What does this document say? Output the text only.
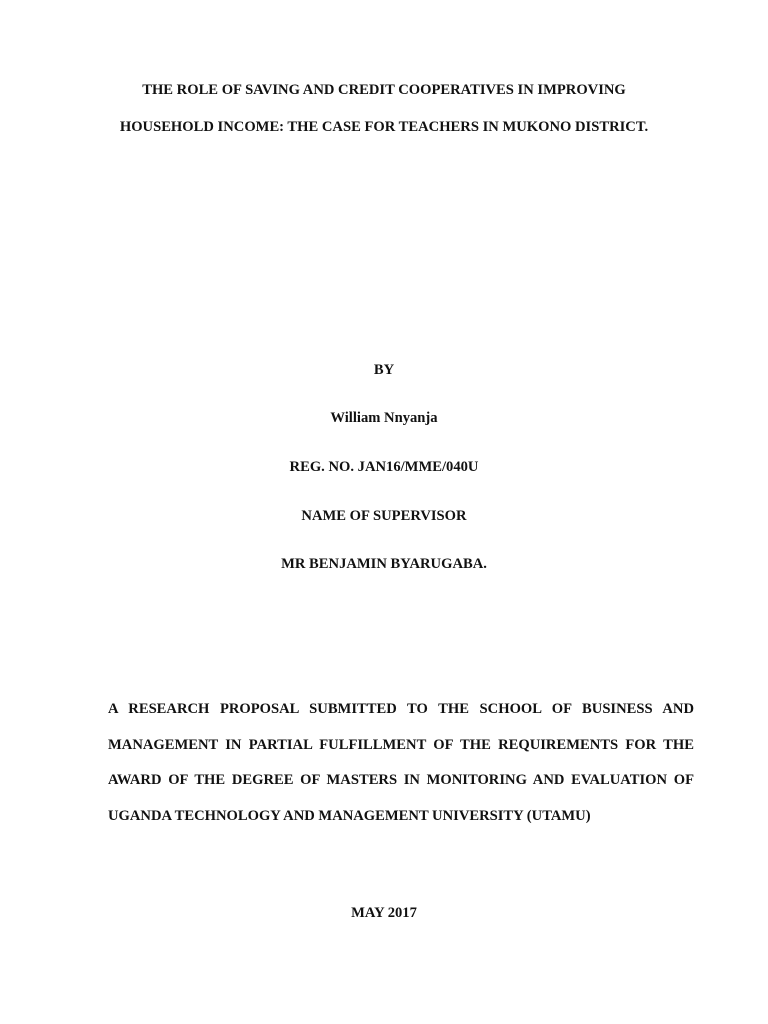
THE ROLE OF SAVING AND CREDIT COOPERATIVES IN IMPROVING
HOUSEHOLD INCOME: THE CASE FOR TEACHERS IN MUKONO DISTRICT.
BY
William Nnyanja
REG. NO. JAN16/MME/040U
NAME OF SUPERVISOR
MR BENJAMIN BYARUGABA.
A RESEARCH PROPOSAL SUBMITTED TO THE SCHOOL OF BUSINESS AND
MANAGEMENT IN PARTIAL FULFILLMENT OF THE REQUIREMENTS FOR THE
AWARD OF THE DEGREE OF MASTERS IN MONITORING AND EVALUATION OF
UGANDA TECHNOLOGY AND MANAGEMENT UNIVERSITY (UTAMU)
MAY 2017
